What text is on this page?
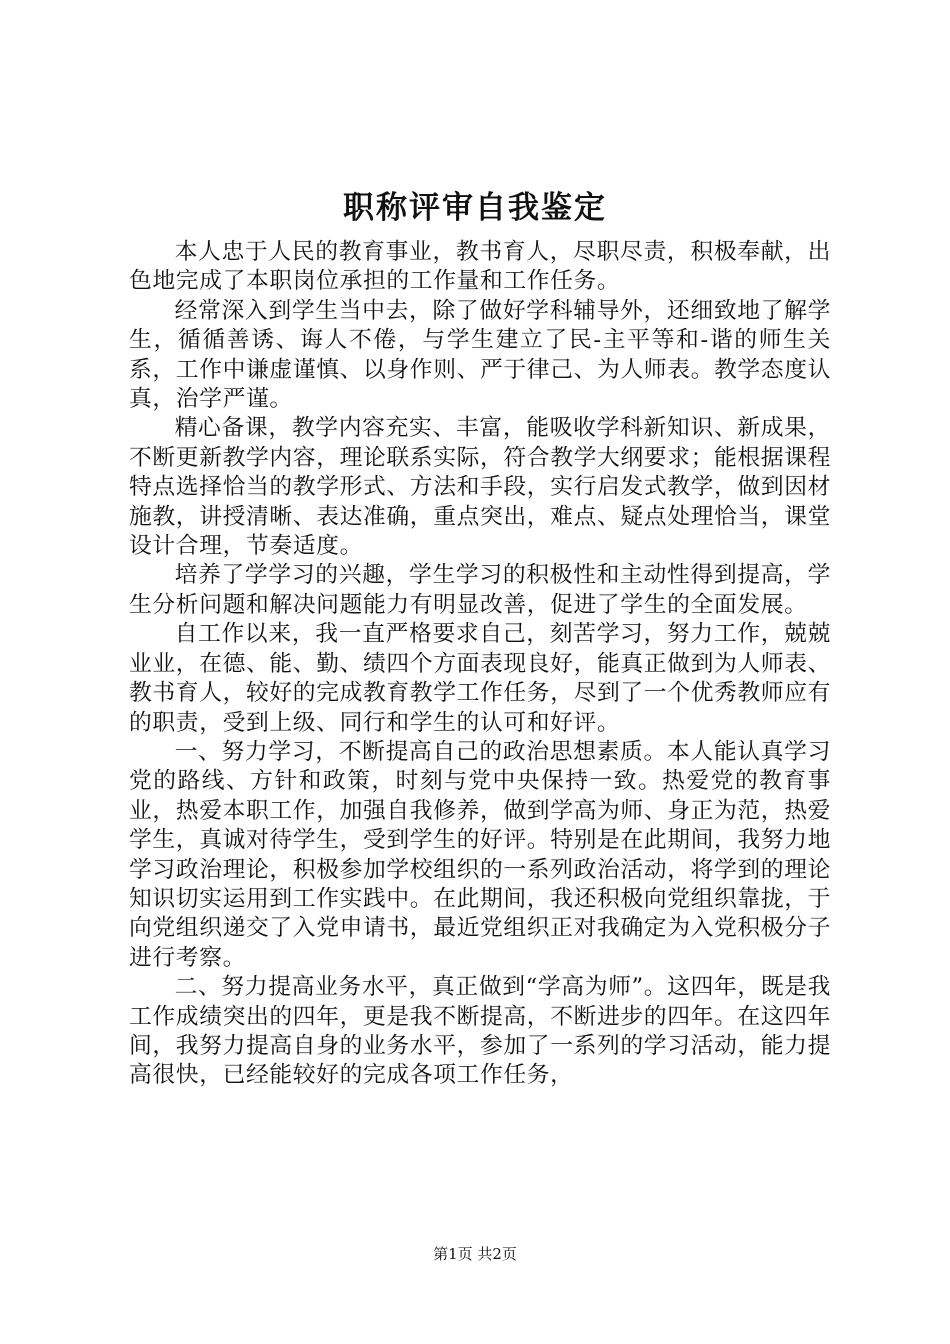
职称评审自我鉴定

本人忠于人民的教育事业，教书育人，尽职尽责，积极奉献，出色地完成了本职岗位承担的工作量和工作任务。

经常深入到学生当中去，除了做好学科辅导外，还细致地了解学生，循循善诱、诲人不倦，与学生建立了民-主平等和-谐的师生关系，工作中谦虚谨慎、以身作则、严于律己、为人师表。教学态度认真，治学严谨。

精心备课，教学内容充实、丰富，能吸收学科新知识、新成果，不断更新教学内容，理论联系实际，符合教学大纲要求；能根据课程特点选择恰当的教学形式、方法和手段，实行启发式教学，做到因材施教，讲授清晰、表达准确，重点突出，难点、疑点处理恰当，课堂设计合理，节奏适度。

培养了学学习的兴趣，学生学习的积极性和主动性得到提高，学生分析问题和解决问题能力有明显改善，促进了学生的全面发展。

自工作以来，我一直严格要求自己，刻苦学习，努力工作，兢兢业业，在德、能、勤、绩四个方面表现良好，能真正做到为人师表、教书育人，较好的完成教育教学工作任务，尽到了一个优秀教师应有的职责，受到上级、同行和学生的认可和好评。

一、努力学习，不断提高自己的政治思想素质。本人能认真学习党的路线、方针和政策，时刻与党中央保持一致。热爱党的教育事业，热爱本职工作，加强自我修养，做到学高为师、身正为范，热爱学生，真诚对待学生，受到学生的好评。特别是在此期间，我努力地学习政治理论，积极参加学校组织的一系列政治活动，将学到的理论知识切实运用到工作实践中。在此期间，我还积极向党组织靠拢，于向党组织递交了入党申请书，最近党组织正对我确定为入党积极分子进行考察。

二、努力提高业务水平，真正做到“学高为师”。这四年，既是我工作成绩突出的四年，更是我不断提高，不断进步的四年。在这四年间，我努力提高自身的业务水平，参加了一系列的学习活动，能力提高很快，已经能较好的完成各项工作任务，

第1页 共2页
